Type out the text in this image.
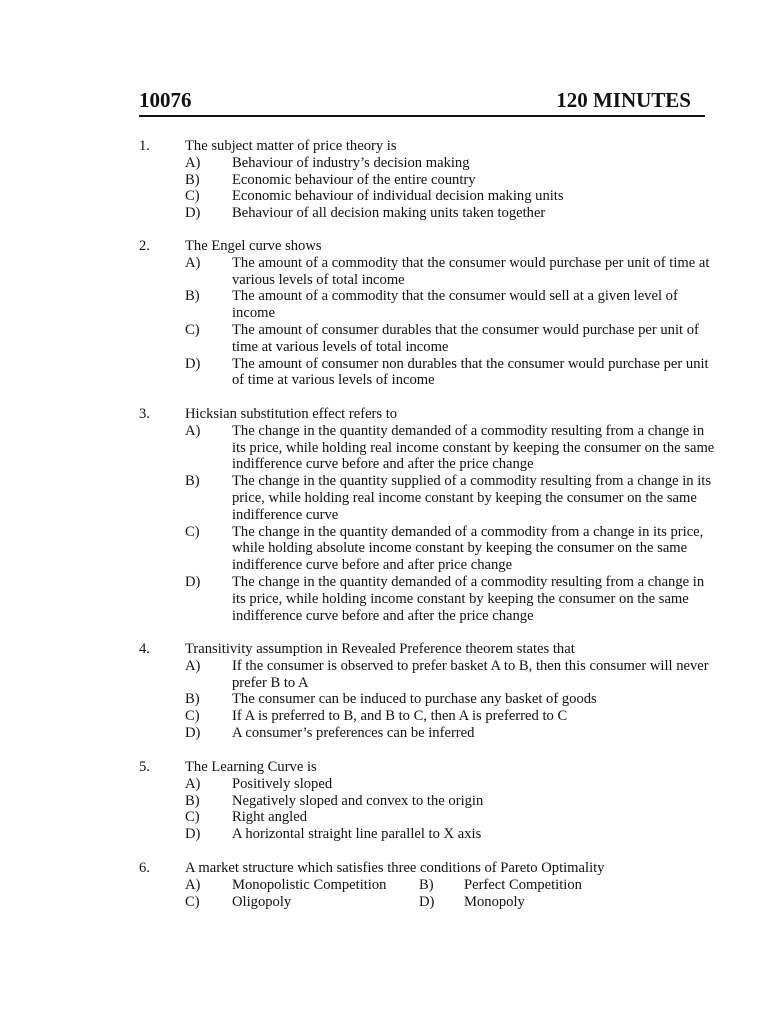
10076	120 MINUTES
1. The subject matter of price theory is
A) Behaviour of industry’s decision making
B) Economic behaviour of the entire country
C) Economic behaviour of individual decision making units
D) Behaviour of all decision making units taken together
2. The Engel curve shows
A) The amount of a commodity that the consumer would purchase per unit of time at various levels of total income
B) The amount of a commodity that the consumer would sell at a given level of income
C) The amount of consumer durables that the consumer would purchase per unit of time at various levels of total income
D) The amount of consumer non durables that the consumer would purchase per unit of time at various levels of income
3. Hicksian substitution effect refers to
A) The change in the quantity demanded of a commodity resulting from a change in its price, while holding real income constant by keeping the consumer on the same indifference curve before and after the price change
B) The change in the quantity supplied of a commodity resulting from a change in its price, while holding real income constant by keeping the consumer on the same indifference curve
C) The change in the quantity demanded of a commodity from a change in its price, while holding absolute income constant by keeping the consumer on the same indifference curve before and after price change
D) The change in the quantity demanded of a commodity resulting from a change in its price, while holding income constant by keeping the consumer on the same indifference curve before and after the price change
4. Transitivity assumption in Revealed Preference theorem states that
A) If the consumer is observed to prefer basket A to B, then this consumer will never prefer B to A
B) The consumer can be induced to purchase any basket of goods
C) If A is preferred to B, and B to C, then A is preferred to C
D) A consumer’s preferences can be inferred
5. The Learning Curve is
A) Positively sloped
B) Negatively sloped and convex to the origin
C) Right angled
D) A horizontal straight line parallel to X axis
6. A market structure which satisfies three conditions of Pareto Optimality
A) Monopolistic Competition B) Perfect Competition
C) Oligopoly	D) Monopoly
